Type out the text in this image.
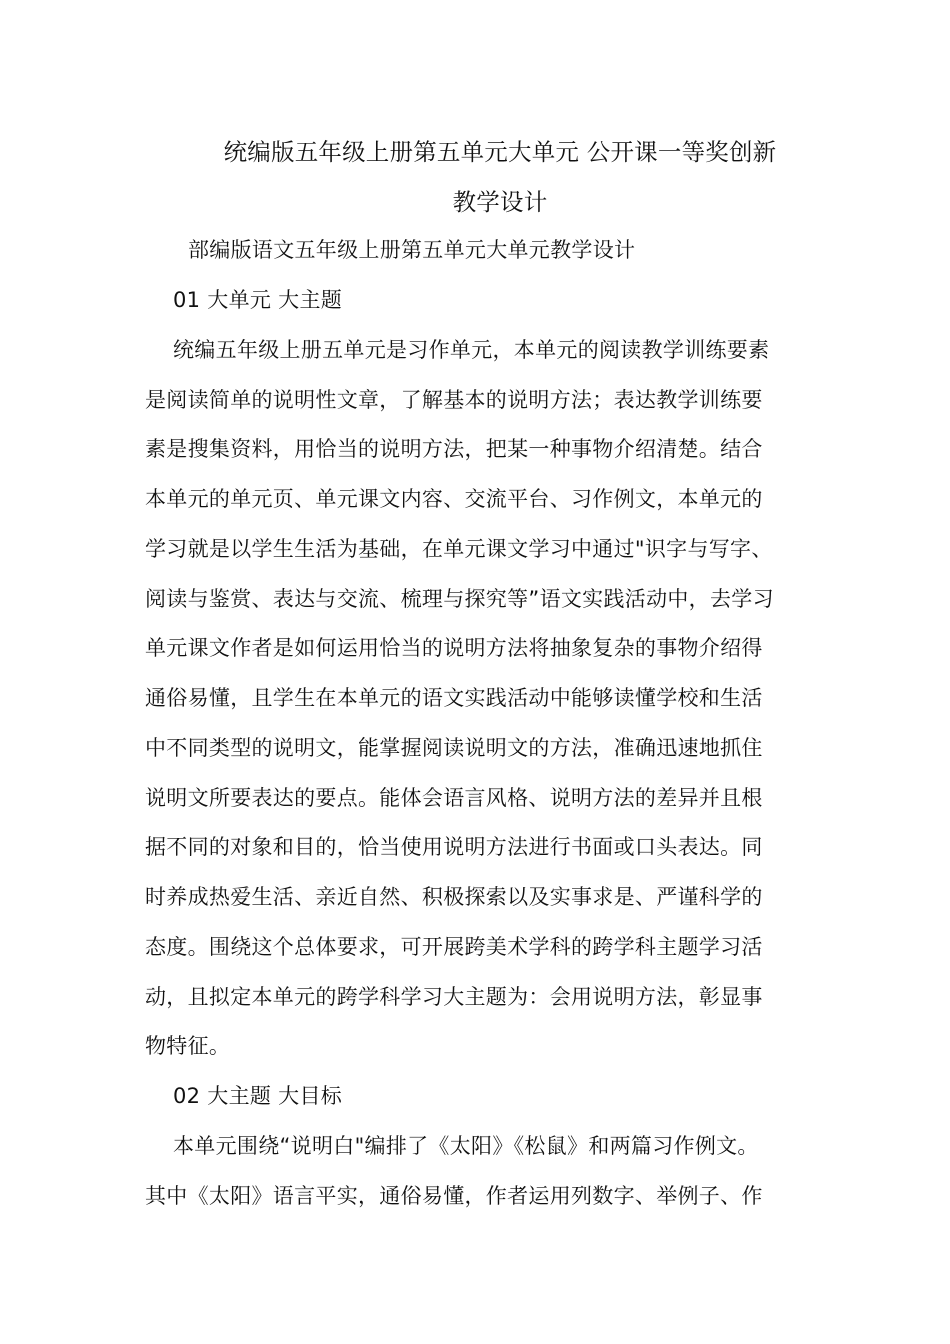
统编版五年级上册第五单元大单元 公开课一等奖创新
教学设计
部编版语文五年级上册第五单元大单元教学设计
01 大单元 大主题
统编五年级上册五单元是习作单元，本单元的阅读教学训练要素
是阅读简单的说明性文章，了解基本的说明方法；表达教学训练要
素是搜集资料，用恰当的说明方法，把某一种事物介绍清楚。结合
本单元的单元页、单元课文内容、交流平台、习作例文，本单元的
学习就是以学生生活为基础，在单元课文学习中通过"识字与写字、
阅读与鉴赏、表达与交流、梳理与探究等”语文实践活动中，去学习
单元课文作者是如何运用恰当的说明方法将抽象复杂的事物介绍得
通俗易懂，且学生在本单元的语文实践活动中能够读懂学校和生活
中不同类型的说明文，能掌握阅读说明文的方法，准确迅速地抓住
说明文所要表达的要点。能体会语言风格、说明方法的差异并且根
据不同的对象和目的，恰当使用说明方法进行书面或口头表达。同
时养成热爱生活、亲近自然、积极探索以及实事求是、严谨科学的
态度。围绕这个总体要求，可开展跨美术学科的跨学科主题学习活
动，且拟定本单元的跨学科学习大主题为：会用说明方法，彰显事
物特征。
02 大主题 大目标
本单元围绕“说明白"编排了《太阳》《松鼠》和两篇习作例文。
其中《太阳》语言平实，通俗易懂，作者运用列数字、举例子、作
